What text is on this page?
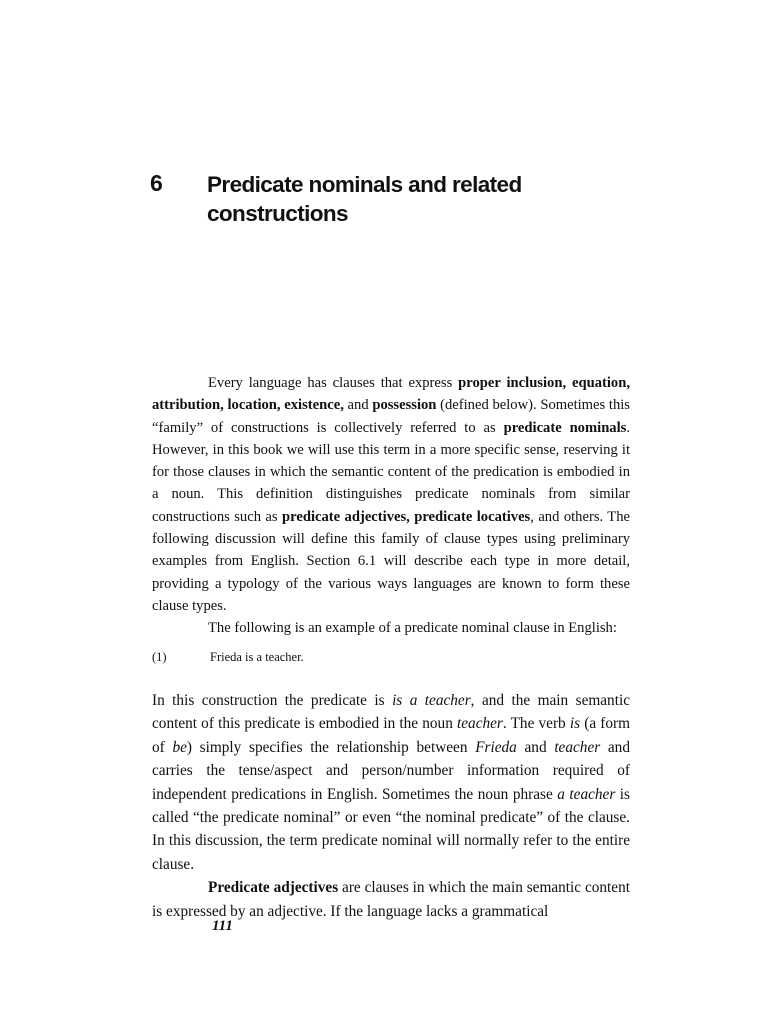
6 Predicate nominals and related
constructions

Every language has clauses that express proper inclusion, equation, attribution, location, existence, and possession (defined below). Sometimes this “family” of constructions is collectively referred to as predicate nominals. However, in this book we will use this term in a more specific sense, reserving it for those clauses in which the semantic content of the predication is embodied in a noun. This definition distinguishes predicate nominals from similar constructions such as predicate adjectives, predicate locatives, and others. The following discussion will define this family of clause types using preliminary examples from English. Section 6.1 will describe each type in more detail, providing a typology of the various ways languages are known to form these clause types.

The following is an example of a predicate nominal clause in English:

(1)	Frieda is a teacher.

In this construction the predicate is is a teacher, and the main semantic content of this predicate is embodied in the noun teacher. The verb is (a form of be) simply specifies the relationship between Frieda and teacher and carries the tense/aspect and person/number information required of independent predications in English. Sometimes the noun phrase a teacher is called “the predicate nominal” or even “the nominal predicate” of the clause. In this discussion, the term predicate nominal will normally refer to the entire clause.

Predicate adjectives are clauses in which the main semantic content is expressed by an adjective. If the language lacks a grammatical

111
